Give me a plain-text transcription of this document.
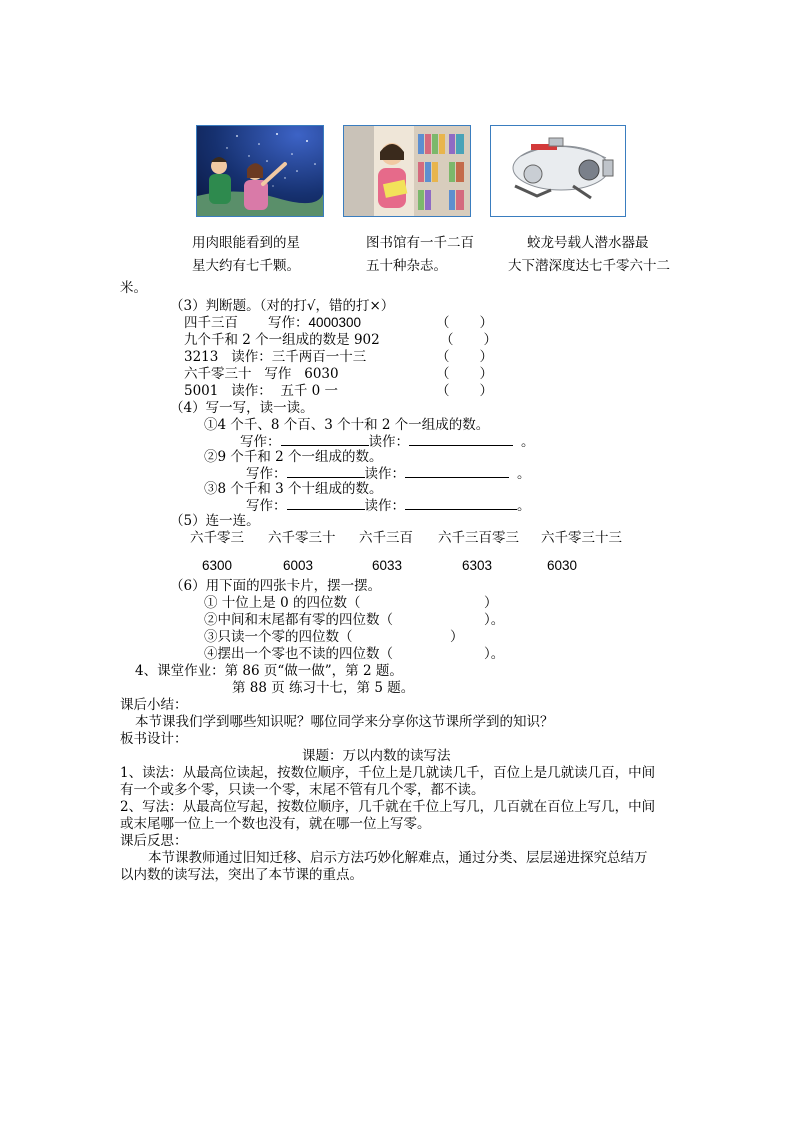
用肉眼能看到的星	图书馆有一千二百	蛟龙号载人潜水器最
星大约有七千颗。	五十种杂志。	大下潜深度达七千零六十二
米。
（3）判断题。（对的打√，错的打×）
四千三百        写作：4000300	（       ）
九个千和 2 个一组成的数是 902	（       ）
3213   读作：三千两百一十三	（       ）
六千零三十   写作   6030	（       ）
5001   读作：  五千 0 一	（       ）
（4）写一写，读一读。
①4 个千、8 个百、3 个十和 2 个一组成的数。
写作：	读作：	。
②9 个千和 2 个一组成的数。
写作：	读作：	。
③8 个千和 3 个十组成的数。
写作：	读作：	。
（5）连一连。
六千零三 六千零三十 六千三百 六千三百零三 六千零三十三
6300	6003	6033	6303	6030
（6）用下面的四张卡片，摆一摆。
① 十位上是 0 的四位数（	）
②中间和末尾都有零的四位数（	）。
③只读一个零的四位数（	）
④摆出一个零也不读的四位数（	）。
4、课堂作业：第 86 页“做一做”，第 2 题。
第 88 页 练习十七，第 5 题。
课后小结：
本节课我们学到哪些知识呢？哪位同学来分享你这节课所学到的知识？
板书设计：
课题：万以内数的读写法
1、读法：从最高位读起，按数位顺序，千位上是几就读几千，百位上是几就读几百，中间
有一个或多个零，只读一个零，末尾不管有几个零，都不读。
2、写法：从最高位写起，按数位顺序，几千就在千位上写几，几百就在百位上写几，中间
或末尾哪一位上一个数也没有，就在哪一位上写零。
课后反思：
本节课教师通过旧知迁移、启示方法巧妙化解难点，通过分类、层层递进探究总结万
以内数的读写法，突出了本节课的重点。
